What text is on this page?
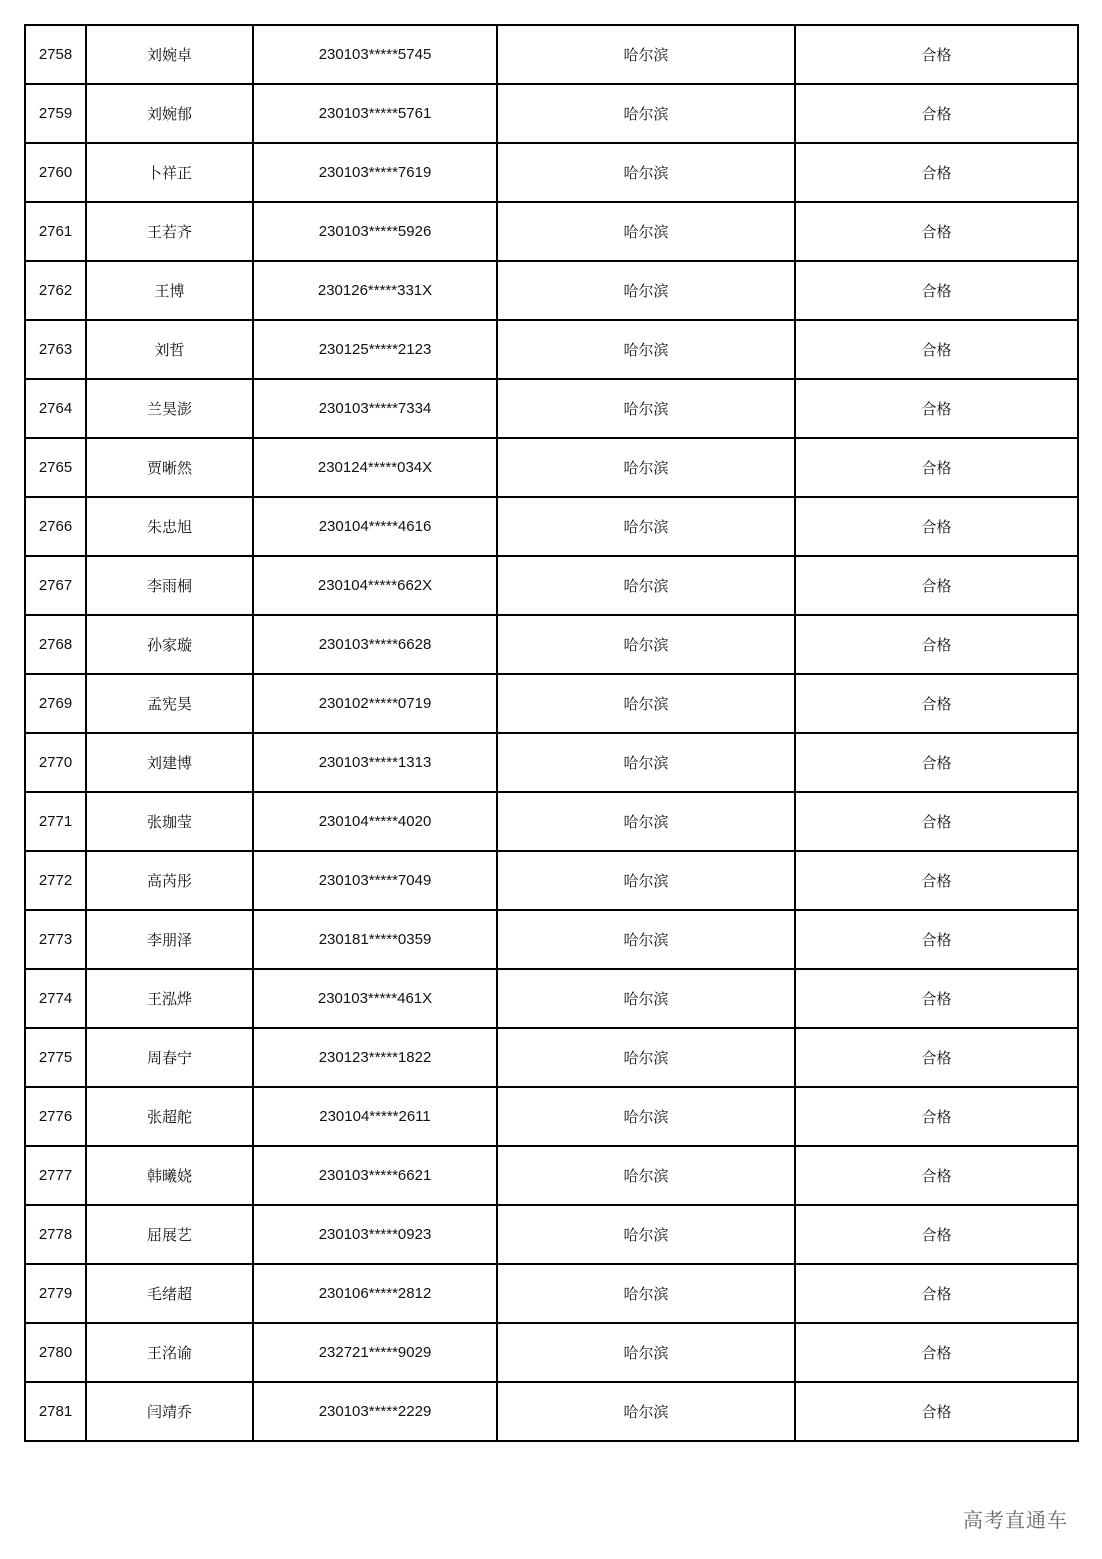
2758	刘婉卓	230103*****5745	哈尔滨	合格
2759	刘婉郁	230103*****5761	哈尔滨	合格
2760	卜祥正	230103*****7619	哈尔滨	合格
2761	王若齐	230103*****5926	哈尔滨	合格
2762	王博	230126*****331X	哈尔滨	合格
2763	刘哲	230125*****2123	哈尔滨	合格
2764	兰昊澎	230103*****7334	哈尔滨	合格
2765	贾晰然	230124*****034X	哈尔滨	合格
2766	朱忠旭	230104*****4616	哈尔滨	合格
2767	李雨桐	230104*****662X	哈尔滨	合格
2768	孙家璇	230103*****6628	哈尔滨	合格
2769	孟宪昊	230102*****0719	哈尔滨	合格
2770	刘建博	230103*****1313	哈尔滨	合格
2771	张珈莹	230104*****4020	哈尔滨	合格
2772	高芮彤	230103*****7049	哈尔滨	合格
2773	李朋泽	230181*****0359	哈尔滨	合格
2774	王泓烨	230103*****461X	哈尔滨	合格
2775	周春宁	230123*****1822	哈尔滨	合格
2776	张超舵	230104*****2611	哈尔滨	合格
2777	韩曦娆	230103*****6621	哈尔滨	合格
2778	屈展艺	230103*****0923	哈尔滨	合格
2779	毛绪超	230106*****2812	哈尔滨	合格
2780	王洺谕	232721*****9029	哈尔滨	合格
2781	闫靖乔	230103*****2229	哈尔滨	合格
高考直通车
